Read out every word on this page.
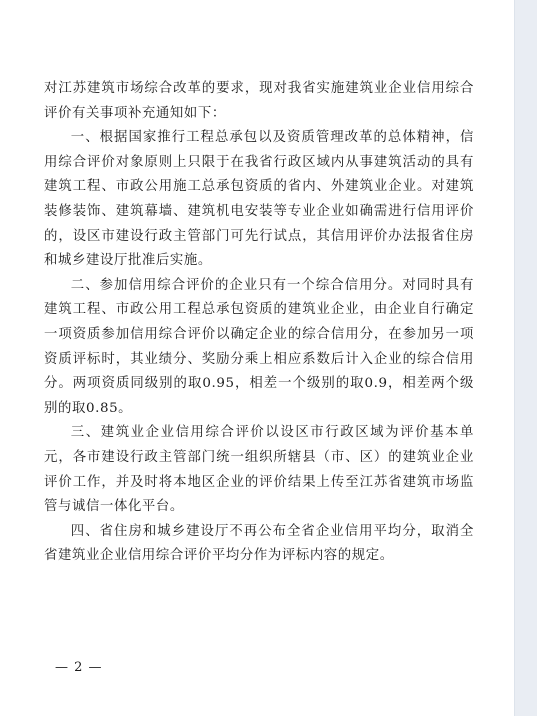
对江苏建筑市场综合改革的要求，现对我省实施建筑业企业信用综合评价有关事项补充通知如下：

一、根据国家推行工程总承包以及资质管理改革的总体精神，信用综合评价对象原则上只限于在我省行政区域内从事建筑活动的具有建筑工程、市政公用施工总承包资质的省内、外建筑业企业。对建筑装修装饰、建筑幕墙、建筑机电安装等专业企业如确需进行信用评价的，设区市建设行政主管部门可先行试点，其信用评价办法报省住房和城乡建设厅批准后实施。

二、参加信用综合评价的企业只有一个综合信用分。对同时具有建筑工程、市政公用工程总承包资质的建筑业企业，由企业自行确定一项资质参加信用综合评价以确定企业的综合信用分，在参加另一项资质评标时，其业绩分、奖励分乘上相应系数后计入企业的综合信用分。两项资质同级别的取0.95，相差一个级别的取0.9，相差两个级别的取0.85。

三、建筑业企业信用综合评价以设区市行政区域为评价基本单元，各市建设行政主管部门统一组织所辖县（市、区）的建筑业企业评价工作，并及时将本地区企业的评价结果上传至江苏省建筑市场监管与诚信一体化平台。

四、省住房和城乡建设厅不再公布全省企业信用平均分，取消全省建筑业企业信用综合评价平均分作为评标内容的规定。

— 2 —
